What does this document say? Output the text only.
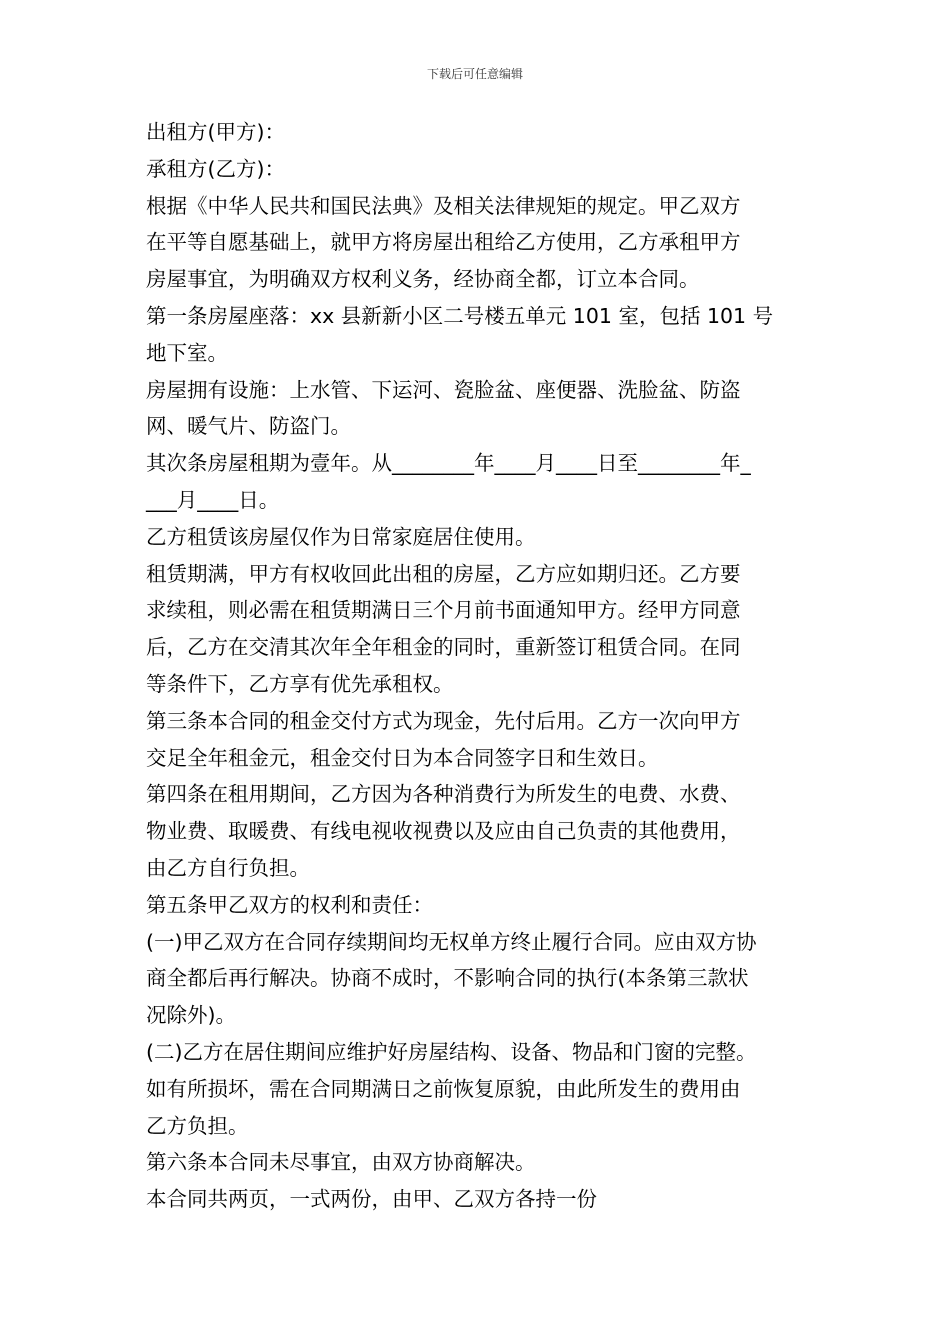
下载后可任意编辑
出租方(甲方)：
承租方(乙方)：
根据《中华人民共和国民法典》及相关法律规矩的规定。甲乙双方
在平等自愿基础上，就甲方将房屋出租给乙方使用，乙方承租甲方
房屋事宜，为明确双方权利义务，经协商全都，订立本合同。
第一条房屋座落：xx 县新新小区二号楼五单元 101 室，包括 101 号
地下室。
房屋拥有设施：上水管、下运河、瓷脸盆、座便器、洗脸盆、防盗
网、暖气片、防盗门。
其次条房屋租期为壹年。从________年____月____日至________年_
___月____日。
乙方租赁该房屋仅作为日常家庭居住使用。
租赁期满，甲方有权收回此出租的房屋，乙方应如期归还。乙方要
求续租，则必需在租赁期满日三个月前书面通知甲方。经甲方同意
后，乙方在交清其次年全年租金的同时，重新签订租赁合同。在同
等条件下，乙方享有优先承租权。
第三条本合同的租金交付方式为现金，先付后用。乙方一次向甲方
交足全年租金元，租金交付日为本合同签字日和生效日。
第四条在租用期间，乙方因为各种消费行为所发生的电费、水费、
物业费、取暖费、有线电视收视费以及应由自己负责的其他费用，
由乙方自行负担。
第五条甲乙双方的权利和责任：
(一)甲乙双方在合同存续期间均无权单方终止履行合同。应由双方协
商全都后再行解决。协商不成时，不影响合同的执行(本条第三款状
况除外)。
(二)乙方在居住期间应维护好房屋结构、设备、物品和门窗的完整。
如有所损坏，需在合同期满日之前恢复原貌，由此所发生的费用由
乙方负担。
第六条本合同未尽事宜，由双方协商解决。
本合同共两页，一式两份，由甲、乙双方各持一份
